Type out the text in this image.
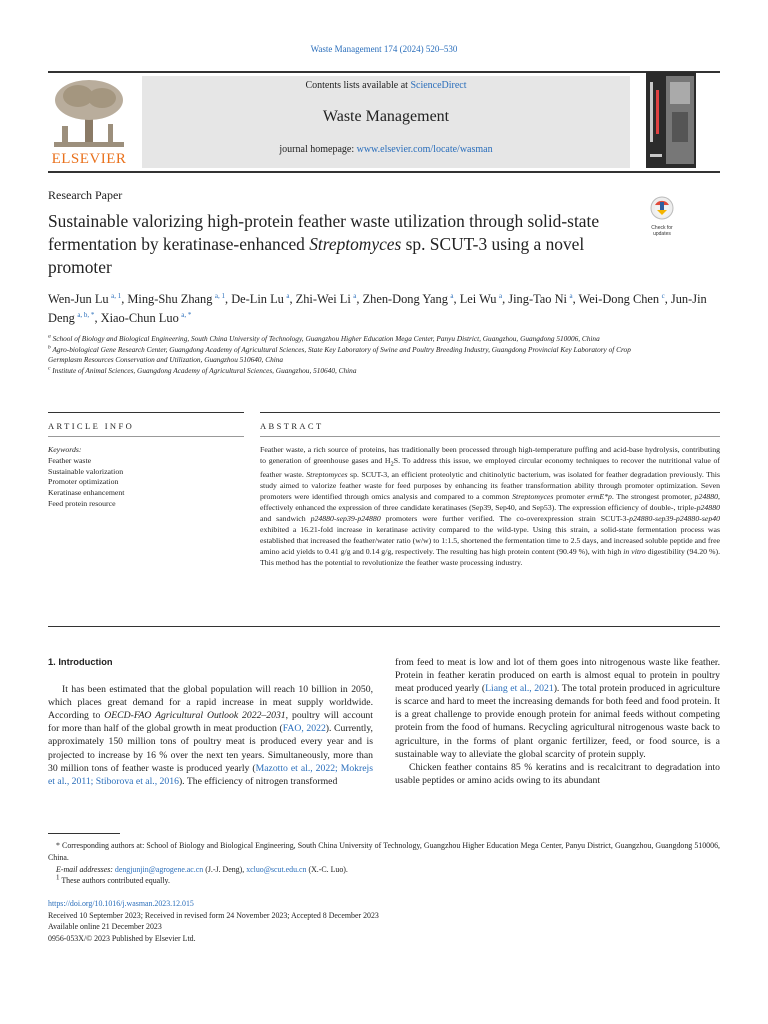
Waste Management 174 (2024) 520–530
ELSEVIER
Contents lists available at ScienceDirect
Waste Management
journal homepage: www.elsevier.com/locate/wasman
Research Paper
Sustainable valorizing high-protein feather waste utilization through solid-state fermentation by keratinase-enhanced Streptomyces sp. SCUT-3 using a novel promoter
Check for
updates
Wen-Jun Lu  $^{a, 1}$, Ming-Shu Zhang  $^{a, 1}$, De-Lin Lu  $^a$, Zhi-Wei Li  $^a$, Zhen-Dong Yang  $^a$, Lei Wu  $^a$, Jing-Tao Ni  $^a$, Wei-Dong Chen  $^c$, Jun-Jin Deng  $^{a, b, *}$, Xiao-Chun Luo  $^{a, *}$
$^a$ School of Biology and Biological Engineering, South China University of Technology, Guangzhou Higher Education Mega Center, Panyu District, Guangzhou, Guangdong 510006, China
$^b$ Agro-biological Gene Research Center, Guangdong Academy of Agricultural Sciences, State Key Laboratory of Swine and Poultry Breeding Industry, Guangdong Provincial Key Laboratory of Crop Germplasm Resources Conservation and Utilization, Guangzhou 510640, China
$^c$ Institute of Animal Sciences, Guangdong Academy of Agricultural Sciences, Guangzhou, 510640, China
ARTICLE INFO	ABSTRACT
Keywords:
Feather waste
Sustainable valorization
Promoter optimization
Keratinase enhancement
Feed protein resource
Feather waste, a rich source of proteins, has traditionally been processed through high-temperature puffing and acid-base hydrolysis, contributing to generation of greenhouse gases and $H_2S$. To address this issue, we employed circular economy techniques to recover the nutritional value of feather waste. Streptomyces sp. SCUT-3, an efficient proteolytic and chitinolytic bacterium, was isolated for feather degradation previously. This study aimed to valorize feather waste for feed purposes by enhancing its feather transformation ability through promoter optimization. Seven promoters were identified through omics analysis and compared to a common Streptomyces promoter ermE*p. The strongest promoter, p24880, effectively enhanced the expression of three candidate keratinases (Sep39, Sep40, and Sep53). The expression efficiency of double-, triple-p24880 and sandwich p24880-sep39-p24880 promoters were further verified. The co-overexpression strain SCUT-3-p24880-sep39-p24880-sep40 exhibited a 16.21-fold increase in keratinase activity compared to the wild-type. Using this strain, a solid-state fermentation process was established that increased the feather/water ratio (w/w) to 1:1.5, shortened the fermentation time to 2.5 days, and increased soluble peptide and free amino acid yields to 0.41 g/g and 0.14 g/g, respectively. The resulting has high protein content (90.49 %), with high in vitro digestibility (94.20 %). This method has the potential to revolutionize the feather waste processing industry.
1. Introduction

It has been estimated that the global population will reach 10 billion in 2050, which places great demand for a rapid increase in meat supply worldwide. According to OECD-FAO Agricultural Outlook 2022–2031, poultry will account for more than half of the global growth in meat production (FAO, 2022). Currently, approximately 150 million tons of poultry meat is produced every year and is projected to increase by 16 % over the next ten years. Simultaneously, more than 30 million tons of feather waste is produced yearly (Mazotto et al., 2022; Mokrejs et al., 2011; Stiborova et al., 2016). The efficiency of nitrogen transformed

from feed to meat is low and lot of them goes into nitrogenous waste like feather. Protein in feather keratin produced on earth is almost equal to protein in poultry meat produced yearly (Liang et al., 2021). The total protein produced in agriculture is scarce and hard to meet the increasing demands for both feed and food protein. It is a great challenge to provide enough protein for animal feeds without competing protein from the food of humans. Recycling agricultural nitrogenous waste back to agriculture, in the forms of plant organic fertilizer, feed, or food source, is a sustainable way to alleviate the global scarcity of protein supply.

Chicken feather contains 85 % keratins and is recalcitrant to degradation into usable peptides or amino acids owing to its abundant

* Corresponding authors at: School of Biology and Biological Engineering, South China University of Technology, Guangzhou Higher Education Mega Center, Panyu District, Guangzhou, Guangdong 510006, China.
E-mail addresses: dengjunjin@agrogene.ac.cn (J.-J. Deng), xcluo@scut.edu.cn (X.-C. Luo).
$^1$ These authors contributed equally.
https://doi.org/10.1016/j.wasman.2023.12.015
Received 10 September 2023; Received in revised form 24 November 2023; Accepted 8 December 2023
Available online 21 December 2023
0956-053X/© 2023 Published by Elsevier Ltd.
